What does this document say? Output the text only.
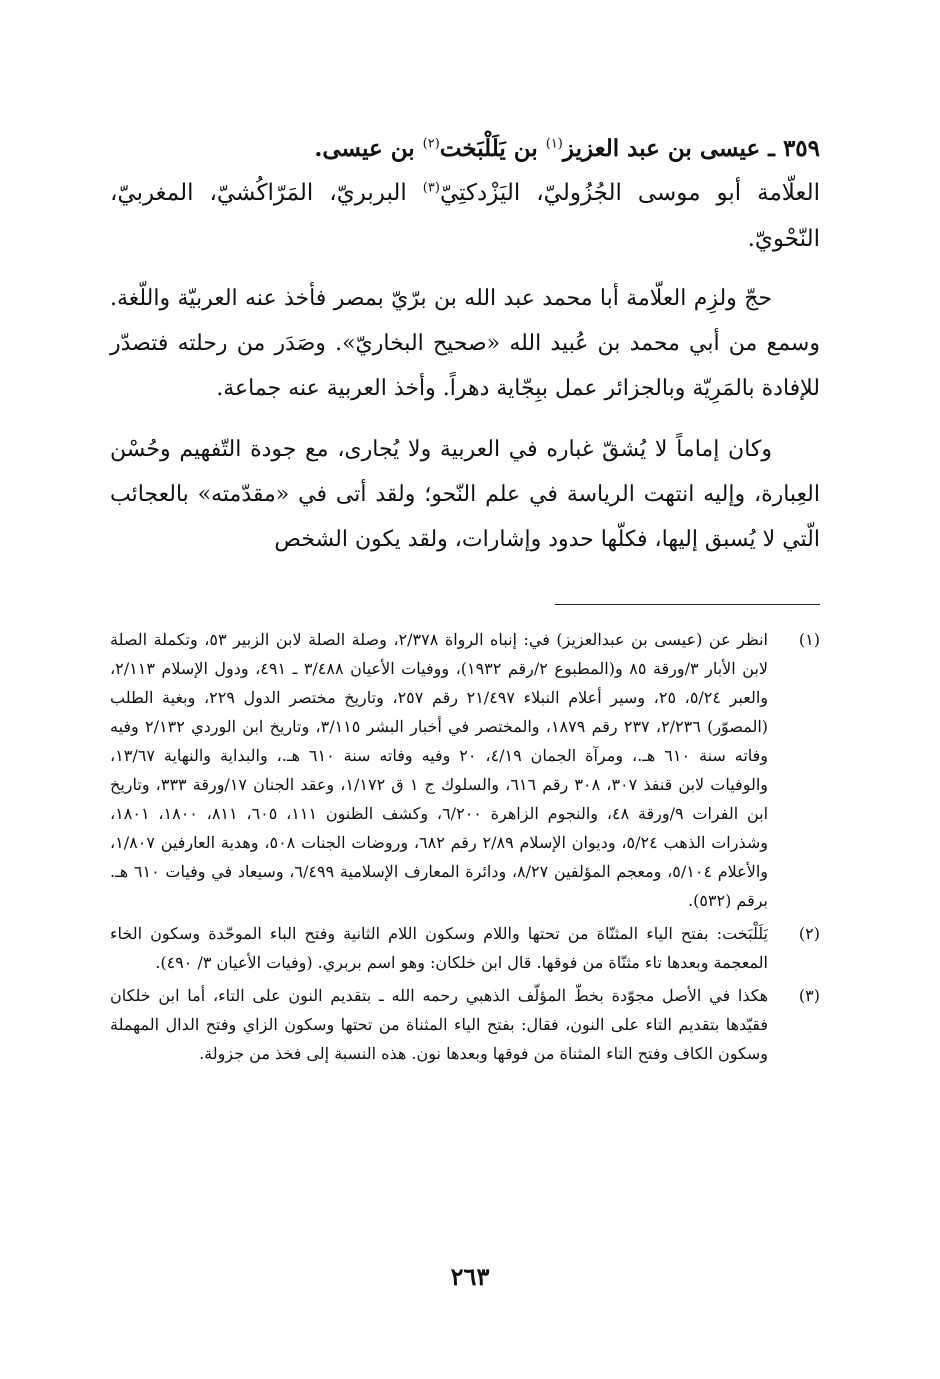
٣٥٩ ـ عيسى بن عبد العزيز$^{(١)}$ بن يَلَلْبَخت$^{(٢)}$ بن عيسى.

العلّامة أبو موسى الجُزُوليّ، اليَزْدكتِيّ$^{(٣)}$ البربريّ، المَرّاكُشيّ، المغربيّ، النّحْويّ.

حجّ ولزِم العلّامة أبا محمد عبد الله بن برّيّ بمصر فأخذ عنه العربيّة واللّغة. وسمع من أبي محمد بن عُبيد الله «صحيح البخاريّ». وصَدَر من رحلته فتصدّر للإفادة بالمَرِيّة وبالجزائر عمل ببِجّاية دهراً. وأخذ العربية عنه جماعة.

وكان إماماً لا يُشقّ غباره في العربية ولا يُجارى، مع جودة التّفهيم وحُسْن العِبارة، وإليه انتهت الرياسة في علم النّحو؛ ولقد أتى في «مقدّمته» بالعجائب الّتي لا يُسبق إليها، فكلّها حدود وإشارات، ولقد يكون الشخص

(١)

انظر عن (عيسى بن عبدالعزيز) في: إنباه الرواة ٢/٣٧٨، وصلة الصلة لابن الزبير ٥٣، وتكملة الصلة لابن الأبار ٣/ورقة ٨٥ و(المطبوع ٢/رقم ١٩٣٢)، ووفيات الأعيان ٣/٤٨٨ ـ ٤٩١، ودول الإسلام ٢/١١٣، والعبر ٥/٢٤، ٢٥، وسير أعلام النبلاء ٢١/٤٩٧ رقم ٢٥٧، وتاريخ مختصر الدول ٢٢٩، وبغية الطلب (المصوّر) ٢/٢٣٦، ٢٣٧ رقم ١٨٧٩، والمختصر في أخبار البشر ٣/١١٥، وتاريخ ابن الوردي ٢/١٣٢ وفيه وفاته سنة ٦١٠ هـ.، ومرآة الجمان ٤/١٩، ٢٠ وفيه وفاته سنة ٦١٠ هـ.، والبداية والنهاية ١٣/٦٧، والوفيات لابن قنفذ ٣٠٧، ٣٠٨ رقم ٦١٦، والسلوك ج ١ ق ١/١٧٢، وعقد الجنان ١٧/ورقة ٣٣٣، وتاريخ ابن الفرات ٩/ورقة ٤٨، والنجوم الزاهرة ٦/٢٠٠، وكشف الظنون ١١١، ٦٠٥، ٨١١، ١٨٠٠، ١٨٠١، وشذرات الذهب ٥/٢٤، وديوان الإسلام ٢/٨٩ رقم ٦٨٢، وروضات الجنات ٥٠٨، وهدية العارفين ١/٨٠٧، والأعلام ٥/١٠٤، ومعجم المؤلفين ٨/٢٧، ودائرة المعارف الإسلامية ٦/٤٩٩، وسيعاد في وفيات ٦١٠ هـ. برقم (٥٣٢).

(٢)

يَلَلْبَخت: بفتح الياء المثنّاة من تحتها واللام وسكون اللام الثانية وفتح الباء الموحّدة وسكون الخاء المعجمة وبعدها تاء مثنّاة من فوقها. قال ابن خلكان: وهو اسم بربري. (وفيات الأعيان ٣/ ٤٩٠).

(٣)

هكذا في الأصل مجوّدة بخطّ المؤلّف الذهبي رحمه الله ـ بتقديم النون على التاء، أما ابن خلكان فقيّدها بتقديم التاء على النون، فقال: بفتح الياء المثناة من تحتها وسكون الزاي وفتح الدال المهملة وسكون الكاف وفتح التاء المثناة من فوقها وبعدها نون. هذه النسبة إلى فخذ من جزولة.

٢٦٣
